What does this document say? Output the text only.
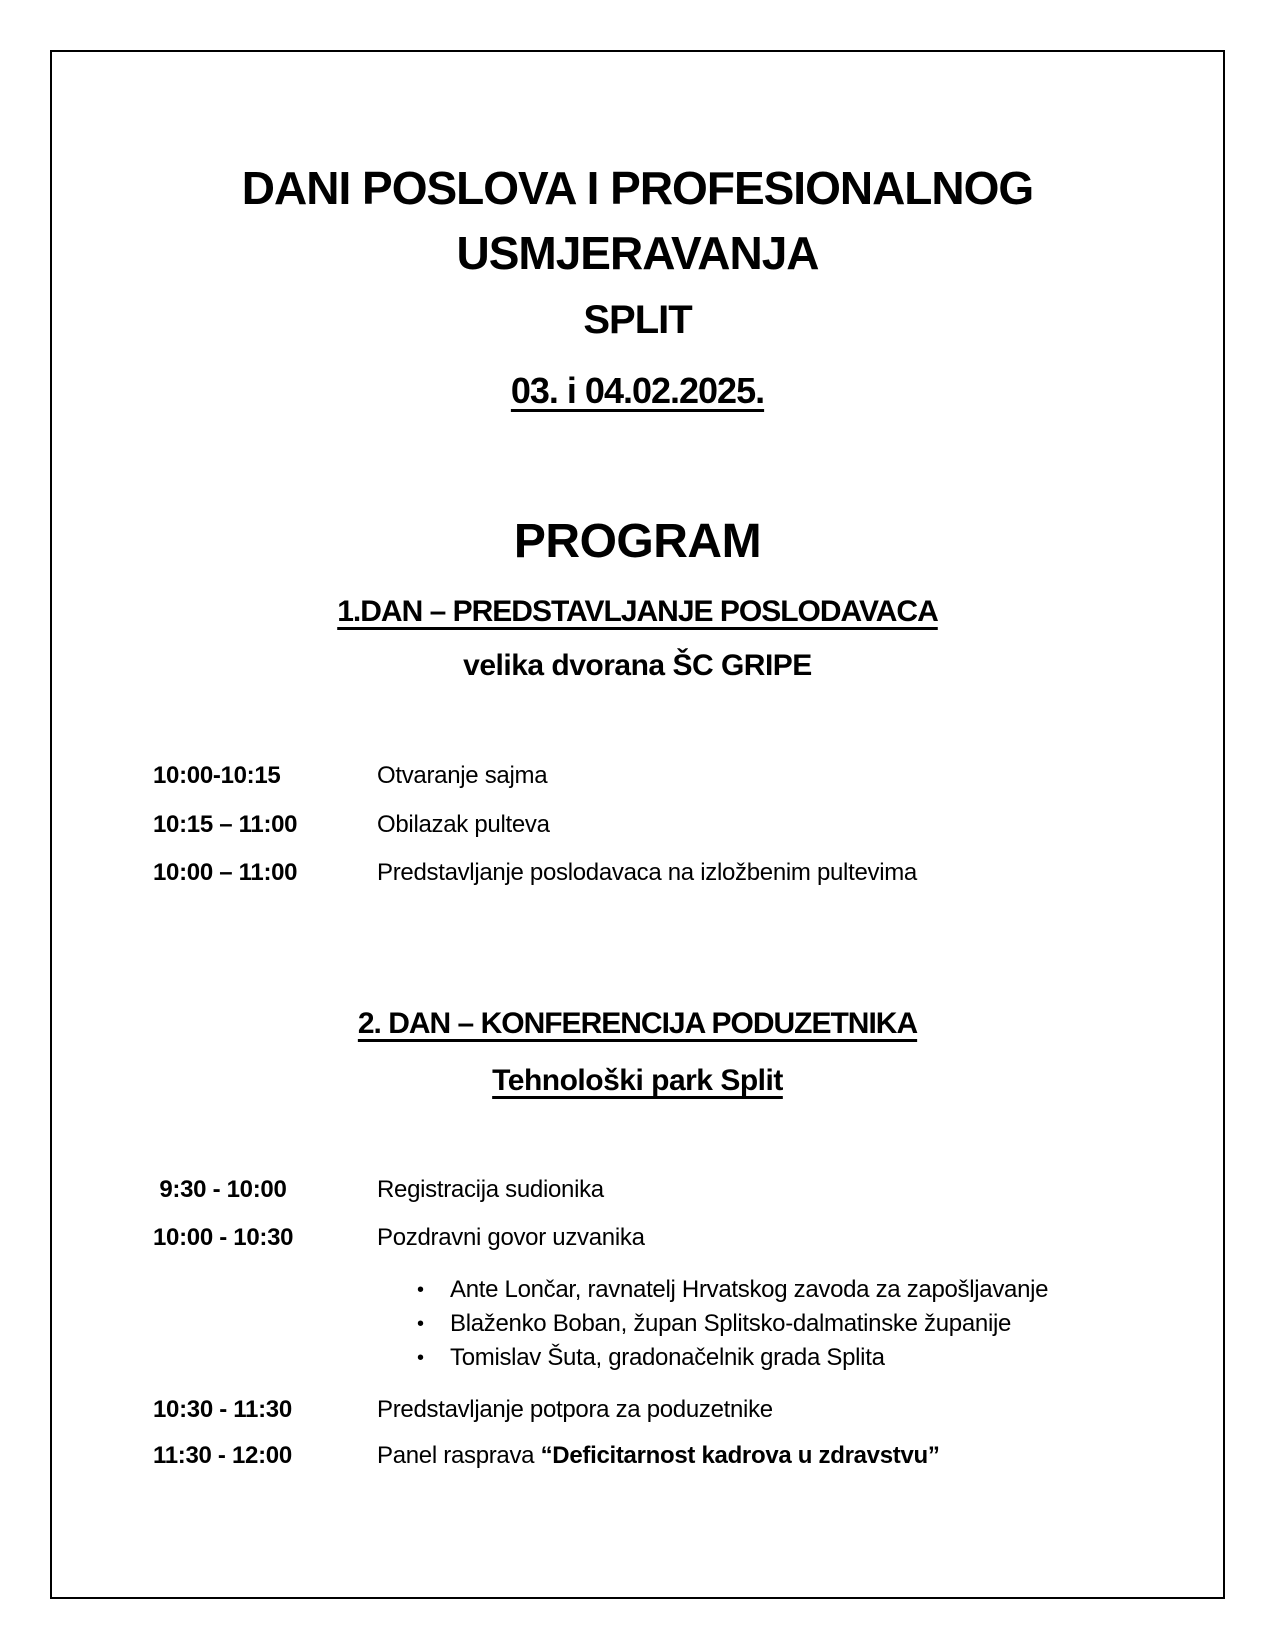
DANI POSLOVA I PROFESIONALNOG
USMJERAVANJA
SPLIT
03. i 04.02.2025.
PROGRAM
1.DAN – PREDSTAVLJANJE POSLODAVACA
velika dvorana ŠC GRIPE
10:00-10:15	Otvaranje sajma
10:15 – 11:00	Obilazak pulteva
10:00 – 11:00	Predstavljanje poslodavaca na izložbenim pultevima
2. DAN – KONFERENCIJA PODUZETNIKA
Tehnološki park Split
9:30 - 10:00	Registracija sudionika
10:00 - 10:30	Pozdravni govor uzvanika
• Ante Lončar, ravnatelj Hrvatskog zavoda za zapošljavanje
• Blaženko Boban, župan Splitsko-dalmatinske županije
• Tomislav Šuta, gradonačelnik grada Splita
10:30 - 11:30	Predstavljanje potpora za poduzetnike
11:30 - 12:00	Panel rasprava “Deficitarnost kadrova u zdravstvu”
